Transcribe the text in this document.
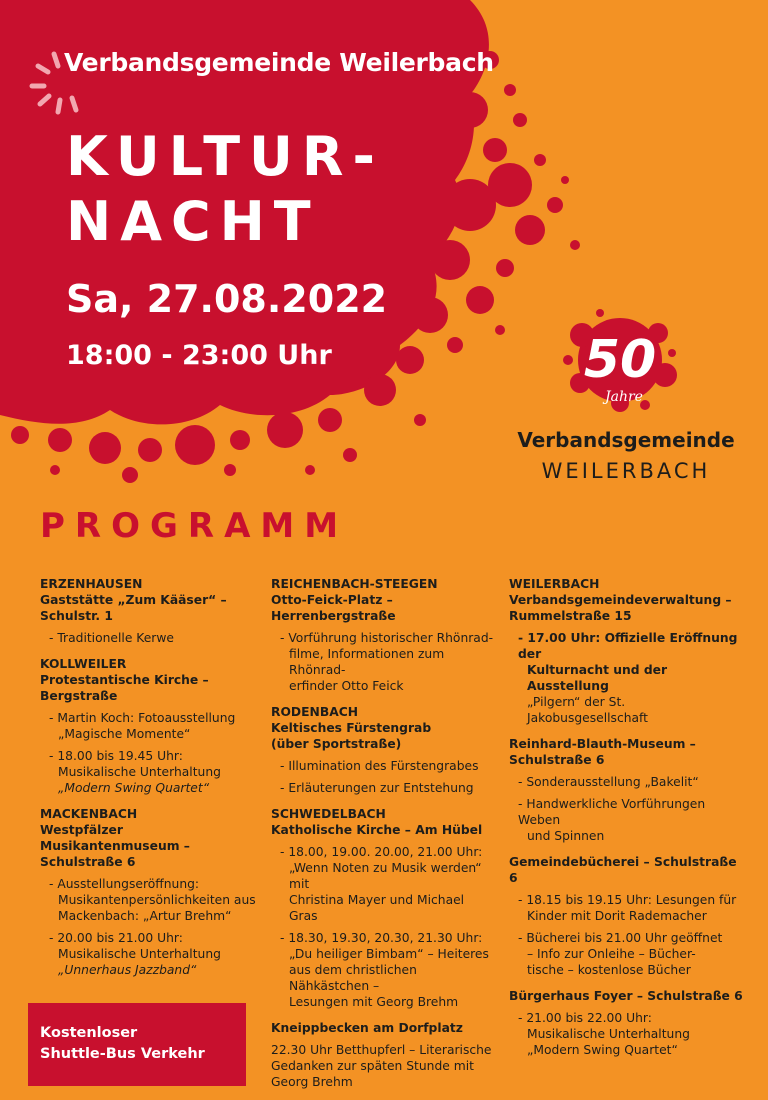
Verbandsgemeinde Weilerbach
KULTUR-
NACHT
Sa, 27.08.2022
18:00 - 23:00 Uhr	50
Jahre
Verbandsgemeinde
WEILERBACH
PROGRAMM
ERZENHAUSEN
Gaststätte „Zum Kääser“ –
Schulstr. 1
- Traditionelle Kerwe
KOLLWEILER
Protestantische Kirche –
Bergstraße
- Martin Koch: Fotoausstellung
„Magische Momente“
- 18.00 bis 19.45 Uhr:
Musikalische Unterhaltung
„Modern Swing Quartet“
MACKENBACH
Westpfälzer Musikantenmuseum –
Schulstraße 6
- Ausstellungseröffnung:
Musikantenpersönlichkeiten aus
Mackenbach: „Artur Brehm“
- 20.00 bis 21.00 Uhr:
Musikalische Unterhaltung
„Unnerhaus Jazzband“
REICHENBACH-STEEGEN
Otto-Feick-Platz – Herrenbergstraße
- Vorführung historischer Rhönrad-
filme, Informationen zum Rhönrad-
erfinder Otto Feick
RODENBACH
Keltisches Fürstengrab
(über Sportstraße)
- Illumination des Fürstengrabes
- Erläuterungen zur Entstehung
SCHWEDELBACH
Katholische Kirche – Am Hübel
- 18.00, 19.00. 20.00, 21.00 Uhr:
„Wenn Noten zu Musik werden“ mit
Christina Mayer und Michael Gras
- 18.30, 19.30, 20.30, 21.30 Uhr:
„Du heiliger Bimbam“ – Heiteres
aus dem christlichen Nähkästchen –
Lesungen mit Georg Brehm
Kneippbecken am Dorfplatz
22.30 Uhr Betthupferl – Literarische
Gedanken zur späten Stunde mit
Georg Brehm
WEILERBACH
Verbandsgemeindeverwaltung –
Rummelstraße 15
- 17.00 Uhr: Offizielle Eröffnung der
Kulturnacht und der Ausstellung
„Pilgern“ der St. Jakobusgesellschaft
Reinhard-Blauth-Museum –
Schulstraße 6
- Sonderausstellung „Bakelit“
- Handwerkliche Vorführungen Weben
und Spinnen
Gemeindebücherei – Schulstraße 6
- 18.15 bis 19.15 Uhr: Lesungen für
Kinder mit Dorit Rademacher
- Bücherei bis 21.00 Uhr geöffnet
– Info zur Onleihe – Bücher-
tische – kostenlose Bücher
Bürgerhaus Foyer – Schulstraße 6
- 21.00 bis 22.00 Uhr:
Musikalische Unterhaltung
„Modern Swing Quartet“
Kostenloser
Shuttle-Bus Verkehr
